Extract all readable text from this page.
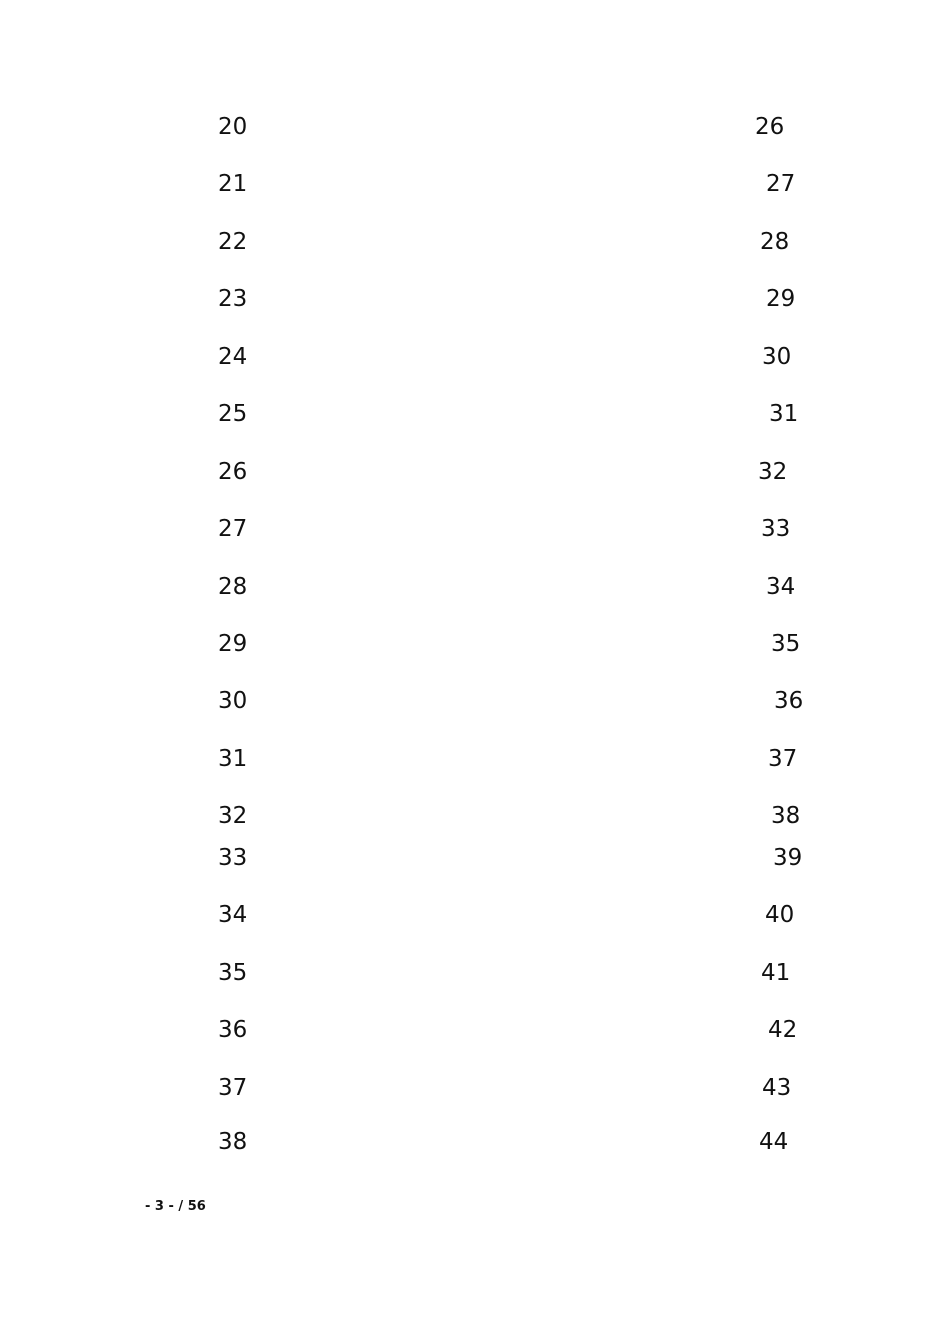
20	26
21	27
22	28
23	29
24	30
25	31
26	32
27	33
28	34
29	35
30	36
31	37
32	38
33	39
34	40
35	41
36	42
37	43
38	44
- 3 - / 56
